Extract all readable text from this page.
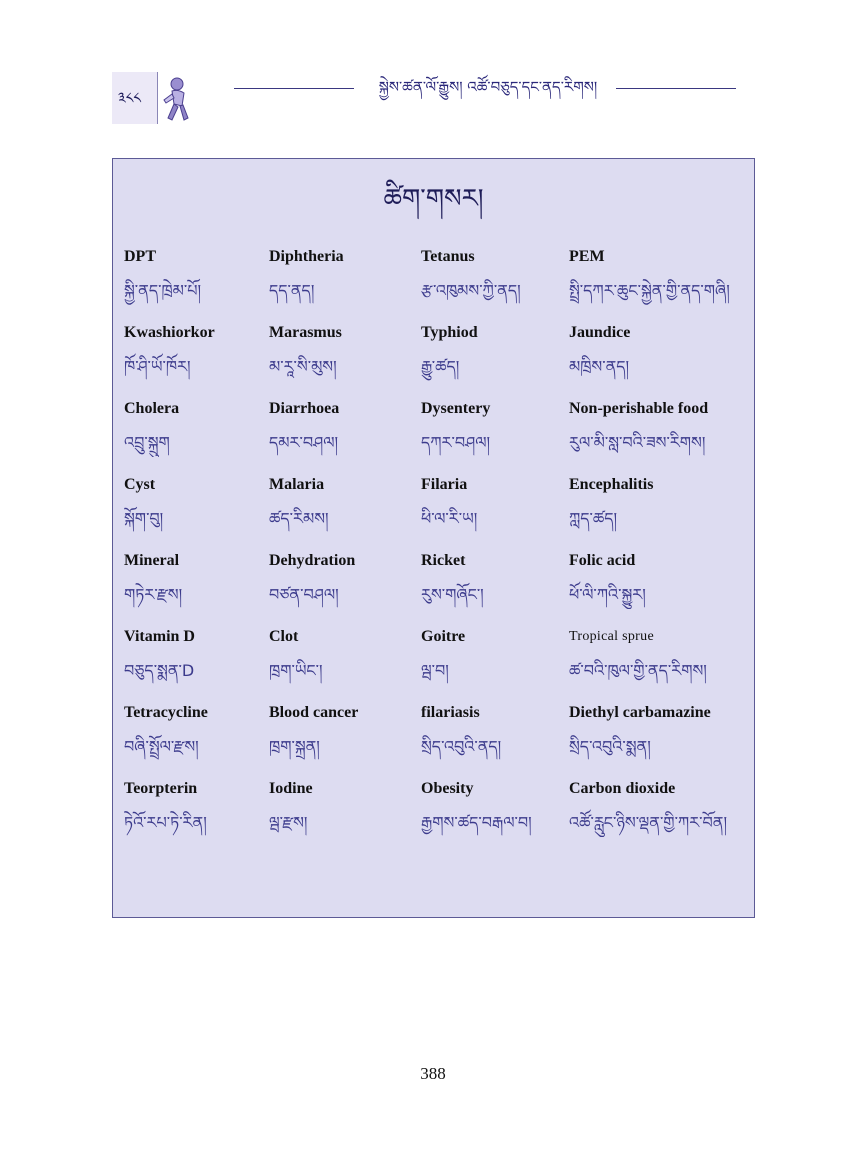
༣༨༨
སྐྱེས་ཚན་ལོ་རྒྱུས། འཚོ་བཅུད་དང་ནད་རིགས།
ཚིག་གསར།
DPT
སྐྱི་ནད་ཁྲེམ་པོ།
Diphtheria
དད་ནད།
Tetanus
རྩ་འཁུམས་ཀྱི་ནད།
PEM
སྤྲི་དཀར་ཆུང་སྐྱེན་གྱི་ནད་གཞི།
Kwashiorkor
ཁོ་ཤི་ཡོ་ཁོར།
Marasmus
མ་རཱ་སི་མུས།
Typhiod
རྒྱུ་ཚད།
Jaundice
མཁྲིས་ནད།
Cholera
འབྲུ་སྐྲུག
Diarrhoea
དམར་བཤལ།
Dysentery
དཀར་བཤལ།
Non-perishable food
རུལ་མི་སླ་བའི་ཟས་རིགས།
Cyst
སྐོག་བུ།
Malaria
ཚད་རིམས།
Filaria
ཕི་ལ་རི་ཡ།
Encephalitis
ཀླད་ཚད།
Mineral
གཏེར་རྫས།
Dehydration
བཙན་བཤལ།
Ricket
རུས་གཞོང་།
Folic acid
ཕོ་ལི་ཀའི་སྐྱུར།
Vitamin D
བཅུད་སྨན་D
Clot
ཁྲག་ཡིང་།
Goitre
ལྦ་བ།
Tropical sprue
ཚ་བའི་ཁུལ་གྱི་ནད་རིགས།
Tetracycline
བཞི་སྤྲོལ་རྫས།
Blood cancer
ཁྲག་སྐྲན།
filariasis
སྲིད་འབུའི་ནད།
Diethyl carbamazine
སྲིད་འབུའི་སྨན།
Teorpterin
ཏེའོ་རཔ་ཏེ་རིན།
Iodine
ལྦ་རྫས།
Obesity
རྒྱགས་ཚད་བརྒལ་བ།
Carbon dioxide
འཚོ་རླུང་ཉིས་ལྡན་གྱི་ཀར་བོན།
388
